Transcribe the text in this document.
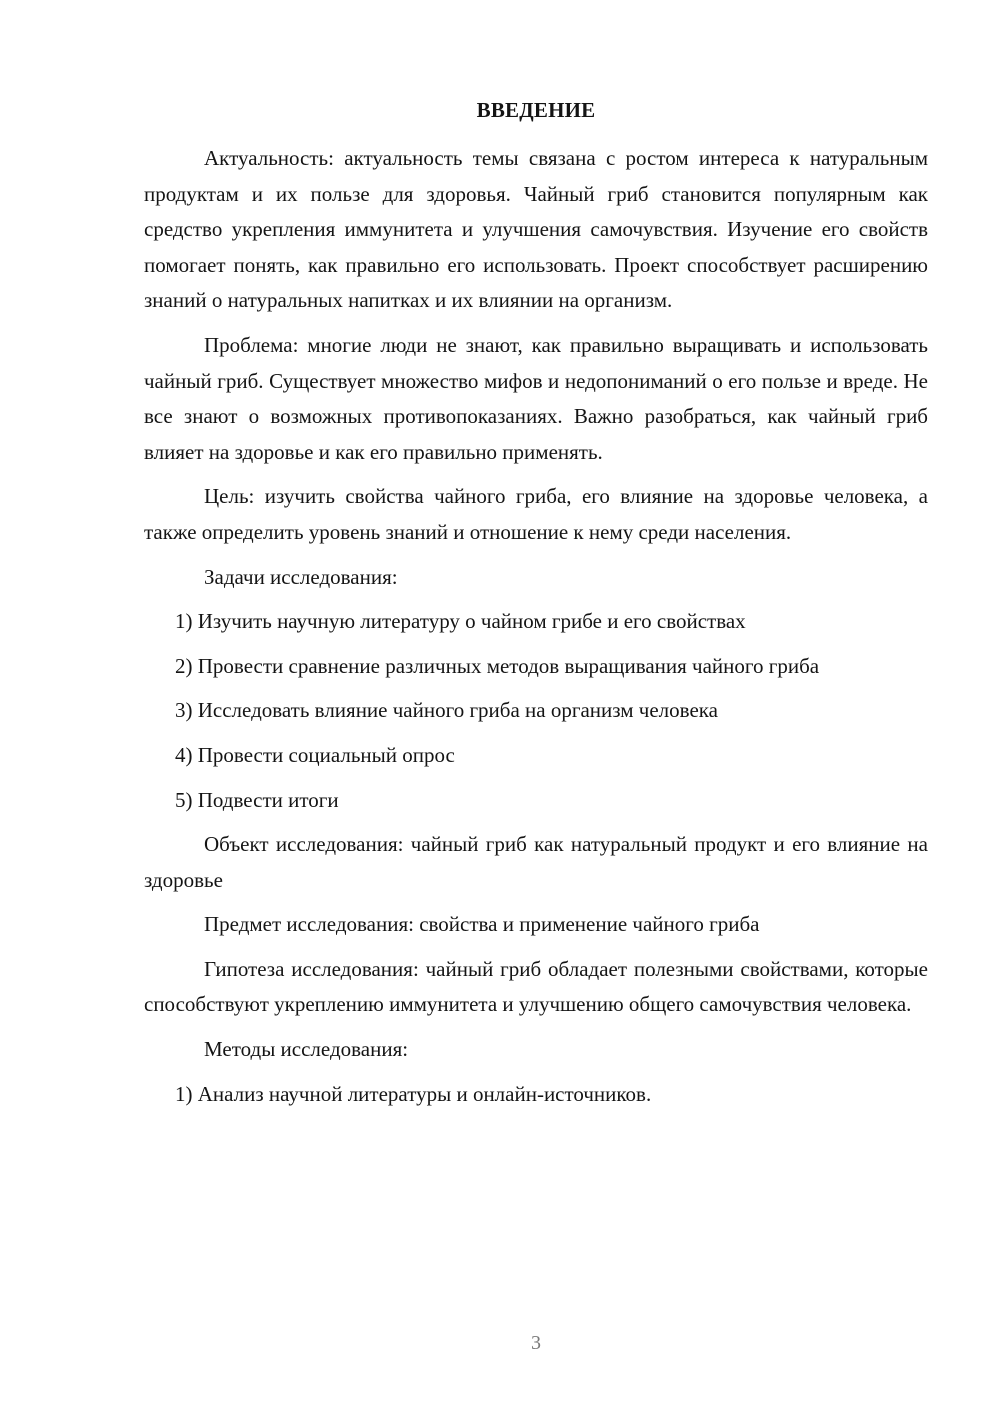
ВВЕДЕНИЕ

Актуальность: актуальность темы связана с ростом интереса к натуральным продуктам и их пользе для здоровья. Чайный гриб становится популярным как средство укрепления иммунитета и улучшения самочувствия. Изучение его свойств помогает понять, как правильно его использовать. Проект способствует расширению знаний о натуральных напитках и их влиянии на организм.

Проблема: многие люди не знают, как правильно выращивать и использовать чайный гриб. Существует множество мифов и недопониманий о его пользе и вреде. Не все знают о возможных противопоказаниях. Важно разобраться, как чайный гриб влияет на здоровье и как его правильно применять.

Цель: изучить свойства чайного гриба, его влияние на здоровье человека, а также определить уровень знаний и отношение к нему среди населения.

Задачи исследования:

1) Изучить научную литературу о чайном грибе и его свойствах

2) Провести сравнение различных методов выращивания чайного гриба

3) Исследовать влияние чайного гриба на организм человека

4) Провести социальный опрос

5) Подвести итоги

Объект исследования: чайный гриб как натуральный продукт и его влияние на здоровье

Предмет исследования: свойства и применение чайного гриба

Гипотеза исследования: чайный гриб обладает полезными свойствами, которые способствуют укреплению иммунитета и улучшению общего самочувствия человека.

Методы исследования:

1) Анализ научной литературы и онлайн-источников.

3
